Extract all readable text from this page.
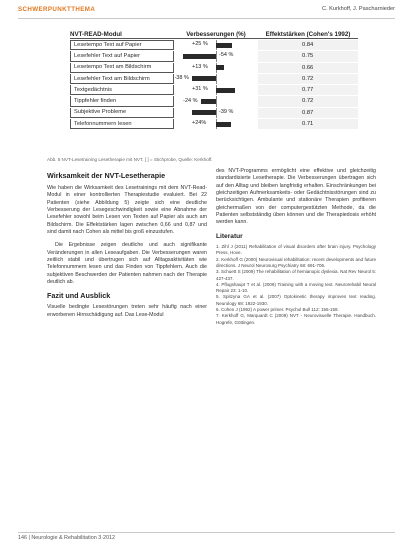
SCHWERPUNKTTHEMA	C. Kurkhoff, J. Pascharnieder
NVT-READ-Modul	Verbesserungen (%)	Effektstärken (Cohen's 1992)
Lesetempo Text auf Papier	+25 %	0.84
Lesefehler Text auf Papier	-54 %	0.75
Lesetempo Text am Bildschirm	+13 %	0.66
Lesefehler Text am Bildschirm	-38 %	0.72
Textgedächtnis	+31 %	0.77
Tippfehler finden	-24 %	0.72
Subjektive Probleme	-39 %	0.87
Telefonnummern lesen	+24%	0.71
Abb. 5 NVT-Lesetraining Lesetherapie mit NVT. [ ] = Stichprobe, Quelle: Kerkhoff.
Wirksamkeit der NVT-Lesetherapie

Wie haben die Wirksamkeit des Lesetrainings mit dem NVT-Read-Modul in einer kontrollierten Therapiestudie evaluiert. Bei 22 Patienten (siehe Abbildung 5) zeigte sich eine deutliche Verbesserung der Lesegeschwindigkeit sowie eine Abnahme der Lesefehler sowohl beim Lesen von Texten auf Papier als auch am Bildschirm. Die Effektstärken lagen zwischen 0,66 und 0,87 und sind damit nach Cohen als mittel bis groß einzustufen.

Die Ergebnisse zeigen deutliche und auch signifikante Veränderungen in allen Leseaufgaben. Die Verbesserungen waren zeitlich stabil und übertrugen sich auf Alltagsaktivitäten wie Telefonnummern lesen und das Finden von Tippfehlern. Auch die subjektiven Beschwerden der Patienten nahmen nach der Therapie deutlich ab.

Fazit und Ausblick

Visuelle bedingte Lesestörungen treten sehr häufig nach einer erworbenen Hirnschädigung auf. Das Lese-Modul

des NVT-Programms ermöglicht eine effektive und gleichzeitig standardisierte Lesetherapie. Die Verbesserungen übertragen sich auf den Alltag und bleiben langfristig erhalten. Einschränkungen bei gleichzeitigen Aufmerksamkeits- oder Gedächtnisstörungen sind zu berücksichtigen. Ambulante und stationäre Therapien profitieren gleichermaßen von der computergestützten Methode, da die Patienten selbstständig üben können und die Therapiedosis erhöht werden kann.

Literatur
1. Zihl J (2011) Rehabilitation of visual disorders after brain injury. Psychology Press, Hove.
2. Kerkhoff G (2000) Neurovisual rehabilitation: recent developments and future directions. J Neurol Neurosurg Psychiatry 68: 691-706.
3. Schuett S (2009) The rehabilitation of hemianopic dyslexia. Nat Rev Neurol 5: 427-437.
4. Pflugshaupt T et al. (2009) Training with a moving text. Neurorehabil Neural Repair 23: 1-10.
5. Spitzyna GA et al. (2007) Optokinetic therapy improves text reading. Neurology 68: 1922-1930.
6. Cohen J (1992) A power primer. Psychol Bull 112: 155-159.
7. Kerkhoff G, Marquardt C (2009) NVT - Neurovisuelle Therapie. Handbuch. Hogrefe, Göttingen.
146 | Neurologie & Rehabilitation 3·2012
